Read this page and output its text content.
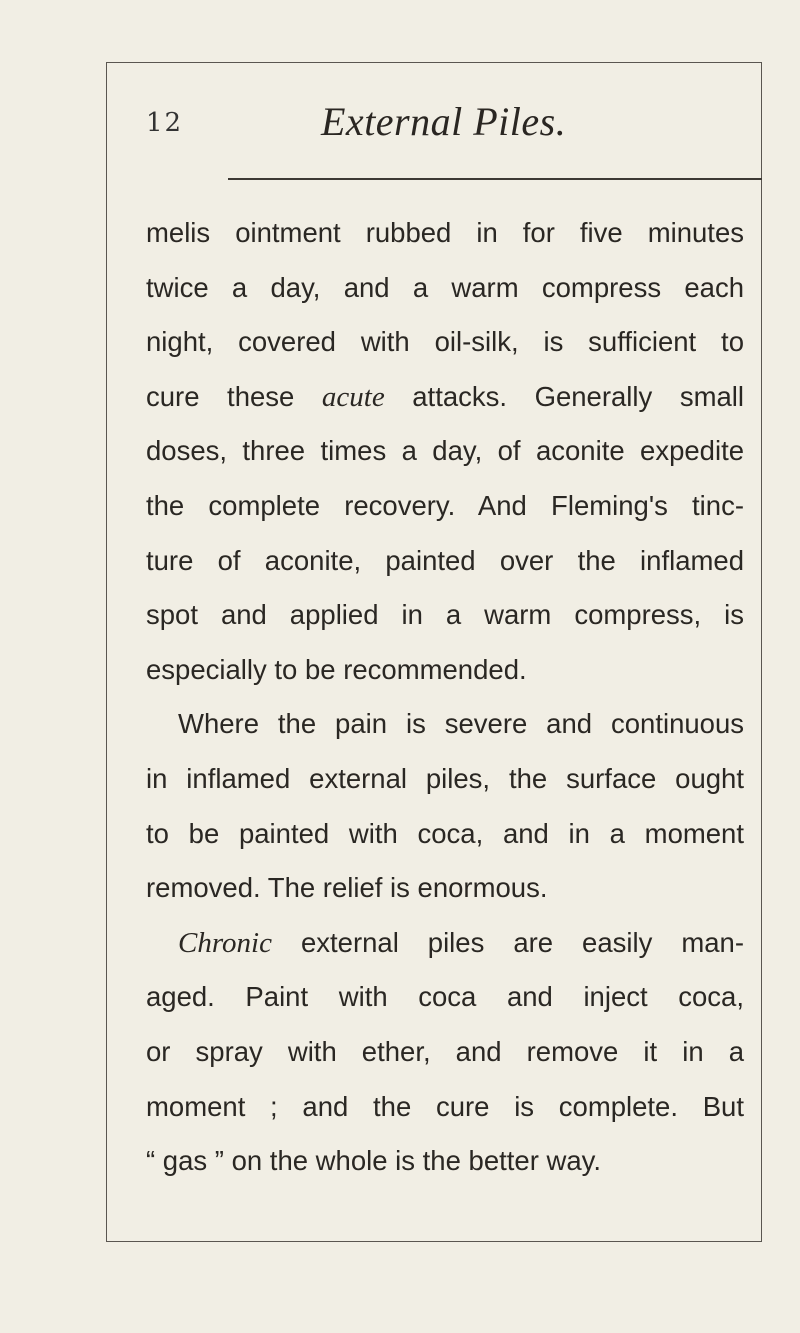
12	External Piles.
melis ointment rubbed in for five minutes
twice a day, and a warm compress each
night, covered with oil-silk, is sufficient to
cure these acute attacks. Generally small
doses, three times a day, of aconite expedite
the complete recovery. And Fleming's tinc-
ture of aconite, painted over the inflamed
spot and applied in a warm compress, is
especially to be recommended.
Where the pain is severe and continuous
in inflamed external piles, the surface ought
to be painted with coca, and in a moment
removed. The relief is enormous.
Chronic external piles are easily man-
aged. Paint with coca and inject coca,
or spray with ether, and remove it in a
moment ; and the cure is complete. But
“ gas ” on the whole is the better way.
